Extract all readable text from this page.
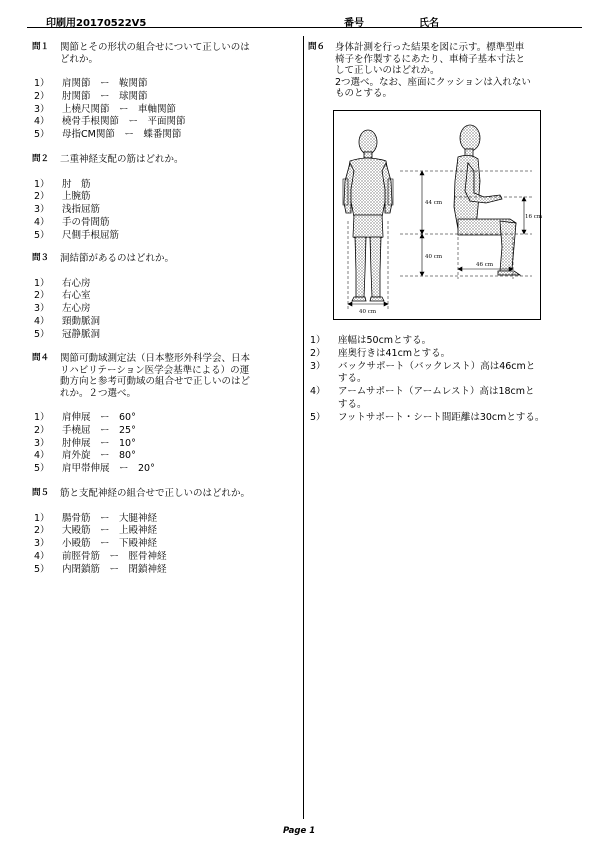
印刷用20170522V5	番号	氏名
問１ 関節とその形状の組合せについて正しいのは
どれか。
1）	肩関節　ー　鞍関節
2）	肘関節　ー　球関節
3）	上橈尺関節　ー　車軸関節
4）	橈骨手根関節　ー　平面関節
5）	母指CM関節　ー　蝶番関節
問２ 二重神経支配の筋はどれか。
1）	肘　筋
2）	上腕筋
3）	浅指屈筋
4）	手の骨間筋
5）	尺側手根屈筋
問３ 洞結節があるのはどれか。
1）	右心房
2）	右心室
3）	左心房
4）	頸動脈洞
5）	冠静脈洞
問４ 関節可動域測定法（日本整形外科学会、日本
リハビリテーション医学会基準による）の運
動方向と参考可動域の組合せで正しいのはど
れか。２つ選べ。
1）	肩伸展　ー　60°
2）	手橈屈　ー　25°
3）	肘伸展　ー　10°
4）	肩外旋　ー　80°
5）	肩甲帯伸展　ー　20°
問５ 筋と支配神経の組合せで正しいのはどれか。
1）	腸骨筋　ー　大腿神経
2）	大殿筋　ー　上殿神経
3）	小殿筋　ー　下殿神経
4）	前脛骨筋　ー　脛骨神経
5）	内閉鎖筋　ー　閉鎖神経
問６ 身体計測を行った結果を図に示す。標準型車
椅子を作製するにあたり、車椅子基本寸法と
して正しいのはどれか。
2つ選べ。なお、座面にクッションは入れない
ものとする。
44 cm
40 cm
16 cm
46 cm
40 cm
1）	座幅は50cmとする。
2）	座奥行きは41cmとする。
3）	バックサポート（バックレスト）高は46cmと
する。
4）	アームサポート（アームレスト）高は18cmと
する。
5）	フットサポート・シート間距離は30cmとする。
Page 1
